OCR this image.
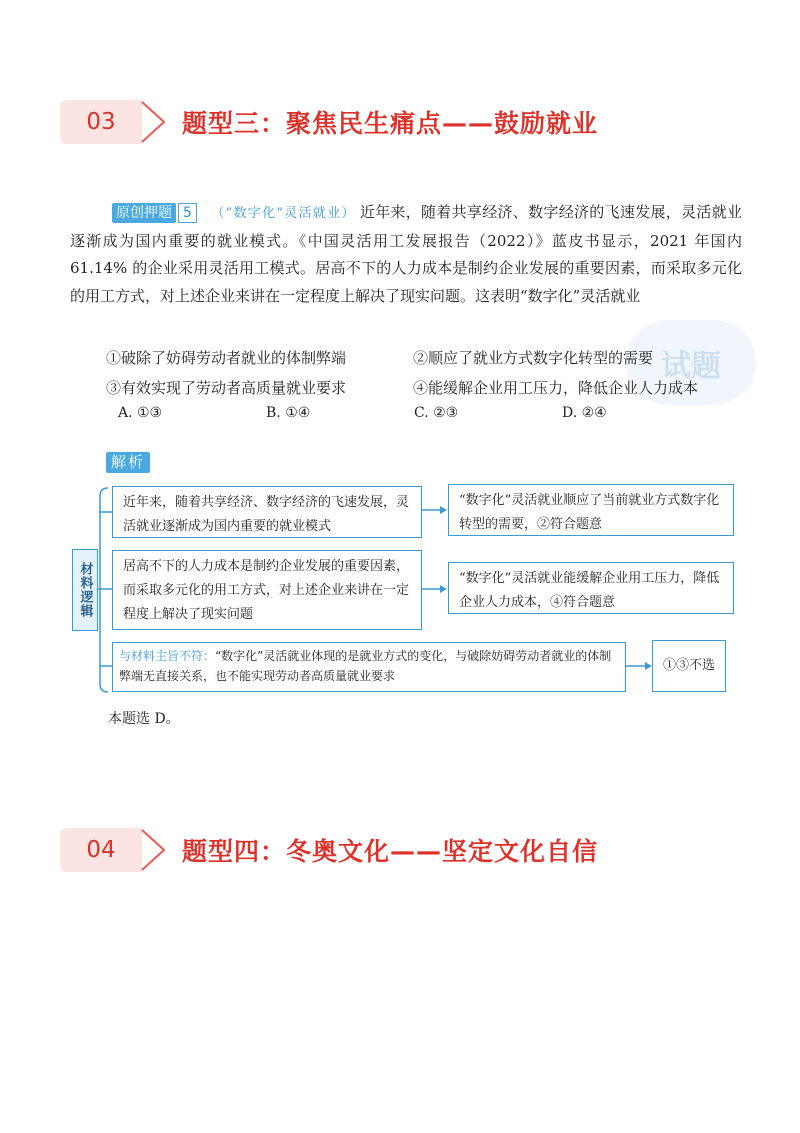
03	题型三：聚焦民生痛点——鼓励就业
试题
原创押题 5 （“数字化”灵活就业） 近年来，随着共享经济、数字经济的飞速发展，灵活就业逐渐成为国内重要的就业模式。《中国灵活用工发展报告（2022）》蓝皮书显示，2021 年国内 61.14% 的企业采用灵活用工模式。居高不下的人力成本是制约企业发展的重要因素，而采取多元化的用工方式，对上述企业来讲在一定程度上解决了现实问题。这表明“数字化”灵活就业
①破除了妨碍劳动者就业的体制弊端	②顺应了就业方式数字化转型的需要
③有效实现了劳动者高质量就业要求	④能缓解企业用工压力，降低企业人力成本
A. ①③	B. ①④	C. ②③	D. ②④
解析
材料逻辑
近年来，随着共享经济、数字经济的飞速发展，灵活就业逐渐成为国内重要的就业模式
“数字化”灵活就业顺应了当前就业方式数字化转型的需要，②符合题意
居高不下的人力成本是制约企业发展的重要因素，而采取多元化的用工方式，对上述企业来讲在一定程度上解决了现实问题
“数字化”灵活就业能缓解企业用工压力，降低企业人力成本，④符合题意
与材料主旨不符：“数字化”灵活就业体现的是就业方式的变化，与破除妨碍劳动者就业的体制弊端无直接关系，也不能实现劳动者高质量就业要求
①③不选
本题选 D。
04	题型四：冬奥文化——坚定文化自信
